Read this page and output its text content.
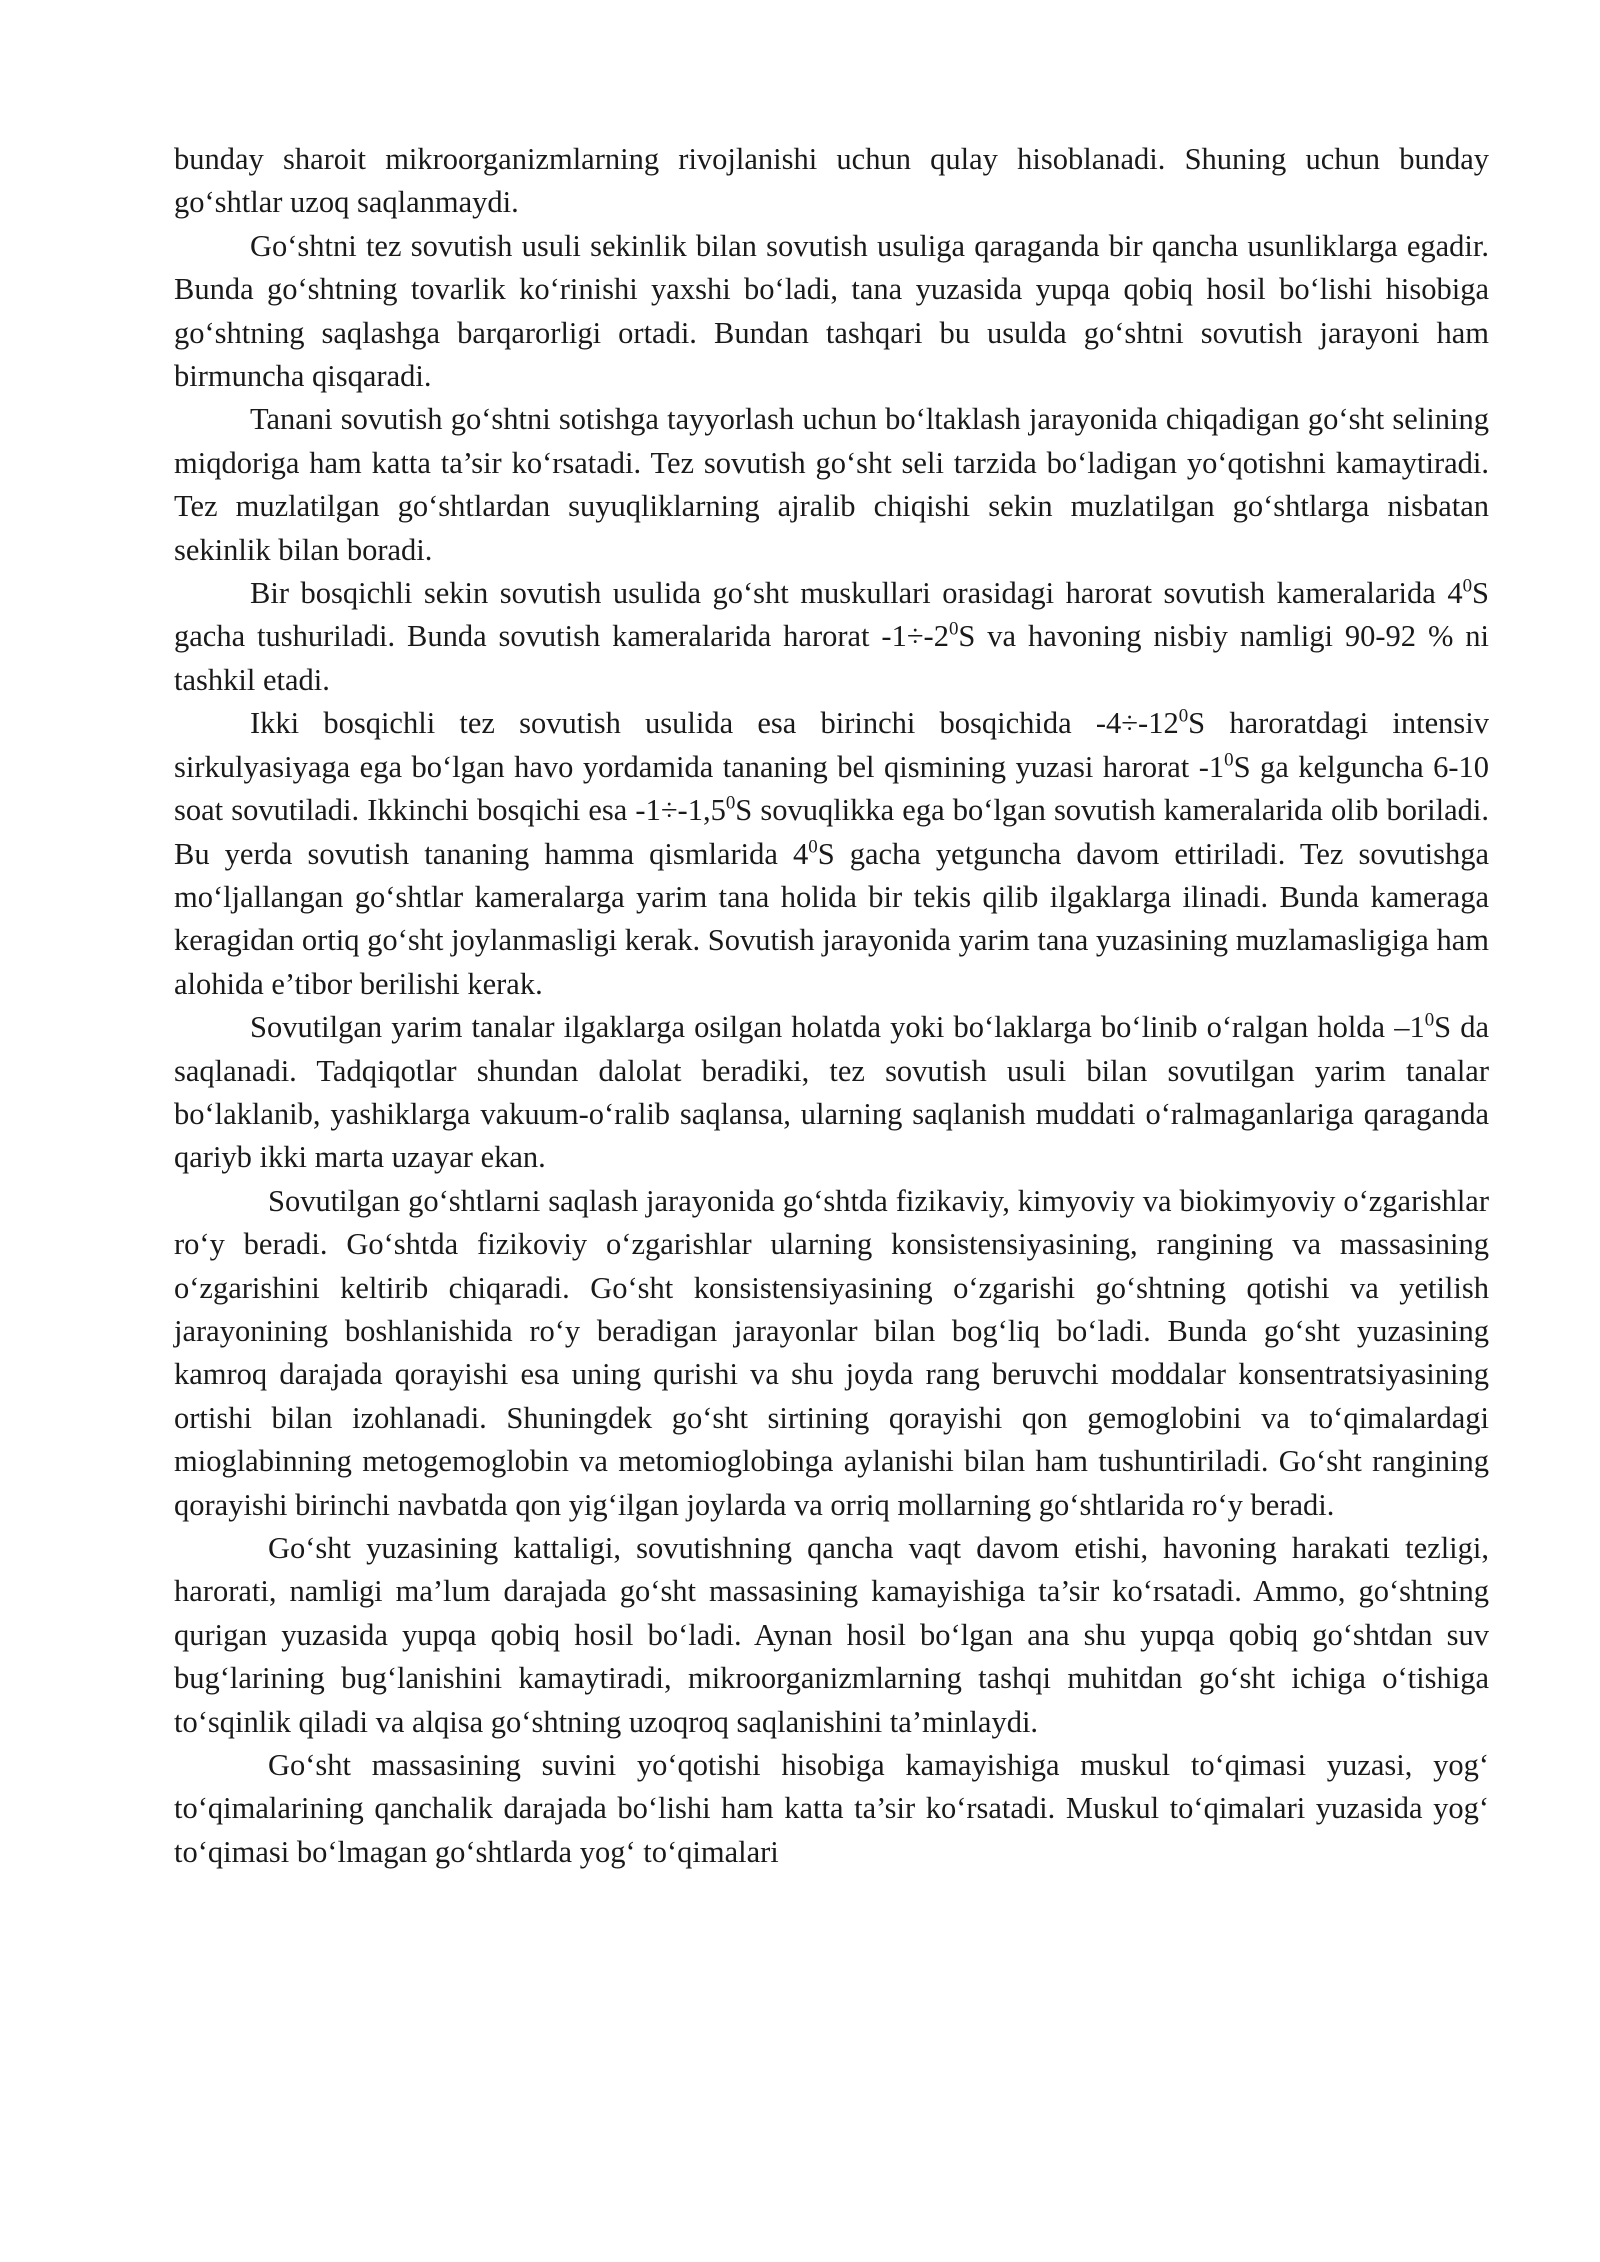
bunday sharoit mikroorganizmlarning rivojlanishi uchun qulay hisoblanadi. Shuning uchun bunday go‘shtlar uzoq saqlanmaydi.

Go‘shtni tez sovutish usuli sekinlik bilan sovutish usuliga qaraganda bir qancha usunliklarga egadir. Bunda go‘shtning tovarlik ko‘rinishi yaxshi bo‘ladi, tana yuzasida yupqa qobiq hosil bo‘lishi hisobiga go‘shtning saqlashga barqarorligi ortadi. Bundan tashqari bu usulda go‘shtni sovutish jarayoni ham birmuncha qisqaradi.

Tanani sovutish go‘shtni sotishga tayyorlash uchun bo‘ltaklash jarayonida chiqadigan go‘sht selining miqdoriga ham katta ta’sir ko‘rsatadi. Tez sovutish go‘sht seli tarzida bo‘ladigan yo‘qotishni kamaytiradi. Tez muzlatilgan go‘shtlardan suyuqliklarning ajralib chiqishi sekin muzlatilgan go‘shtlarga nisbatan sekinlik bilan boradi.

Bir bosqichli sekin sovutish usulida go‘sht muskullari orasidagi harorat sovutish kameralarida $4^0S$ gacha tushuriladi. Bunda sovutish kameralarida harorat $-1\div-2^0S$ va havoning nisbiy namligi 90-92 % ni tashkil etadi.

Ikki bosqichli tez sovutish usulida esa birinchi bosqichida $-4\div-12^0S$ haroratdagi intensiv sirkulyasiyaga ega bo‘lgan havo yordamida tananing bel qismining yuzasi harorat $-1^0S$ ga kelguncha 6-10 soat sovutiladi. Ikkinchi bosqichi esa $-1\div-1,5^0S$ sovuqlikka ega bo‘lgan sovutish kameralarida olib boriladi. Bu yerda sovutish tananing hamma qismlarida $4^0S$ gacha yetguncha davom ettiriladi. Tez sovutishga mo‘ljallangan go‘shtlar kameralarga yarim tana holida bir tekis qilib ilgaklarga ilinadi. Bunda kameraga keragidan ortiq go‘sht joylanmasligi kerak. Sovutish jarayonida yarim tana yuzasining muzlamasligiga ham alohida e’tibor berilishi kerak.

Sovutilgan yarim tanalar ilgaklarga osilgan holatda yoki bo‘laklarga bo‘linib o‘ralgan holda $-1^0S$ da saqlanadi. Tadqiqotlar shundan dalolat beradiki, tez sovutish usuli bilan sovutilgan yarim tanalar bo‘laklanib, yashiklarga vakuum-o‘ralib saqlansa, ularning saqlanish muddati o‘ralmaganlariga qaraganda qariyb ikki marta uzayar ekan.

Sovutilgan go‘shtlarni saqlash jarayonida go‘shtda fizikaviy, kimyoviy va biokimyoviy o‘zgarishlar ro‘y beradi. Go‘shtda fizikoviy o‘zgarishlar ularning konsistensiyasining, rangining va massasining o‘zgarishini keltirib chiqaradi. Go‘sht konsistensiyasining o‘zgarishi go‘shtning qotishi va yetilish jarayonining boshlanishida ro‘y beradigan jarayonlar bilan bog‘liq bo‘ladi. Bunda go‘sht yuzasining kamroq darajada qorayishi esa uning qurishi va shu joyda rang beruvchi moddalar konsentratsiyasining ortishi bilan izohlanadi. Shuningdek go‘sht sirtining qorayishi qon gemoglobini va to‘qimalardagi mioglabinning metogemoglobin va metomioglobinga aylanishi bilan ham tushuntiriladi. Go‘sht rangining qorayishi birinchi navbatda qon yig‘ilgan joylarda va orriq mollarning go‘shtlarida ro‘y beradi.

Go‘sht yuzasining kattaligi, sovutishning qancha vaqt davom etishi, havoning harakati tezligi, harorati, namligi ma’lum darajada go‘sht massasining kamayishiga ta’sir ko‘rsatadi. Ammo, go‘shtning qurigan yuzasida yupqa qobiq hosil bo‘ladi. Aynan hosil bo‘lgan ana shu yupqa qobiq go‘shtdan suv bug‘larining bug‘lanishini kamaytiradi, mikroorganizmlarning tashqi muhitdan go‘sht ichiga o‘tishiga to‘sqinlik qiladi va alqisa go‘shtning uzoqroq saqlanishini ta’minlaydi.

Go‘sht massasining suvini yo‘qotishi hisobiga kamayishiga muskul to‘qimasi yuzasi, yog‘ to‘qimalarining qanchalik darajada bo‘lishi ham katta ta’sir ko‘rsatadi. Muskul to‘qimalari yuzasida yog‘ to‘qimasi bo‘lmagan go‘shtlarda yog‘ to‘qimalari
